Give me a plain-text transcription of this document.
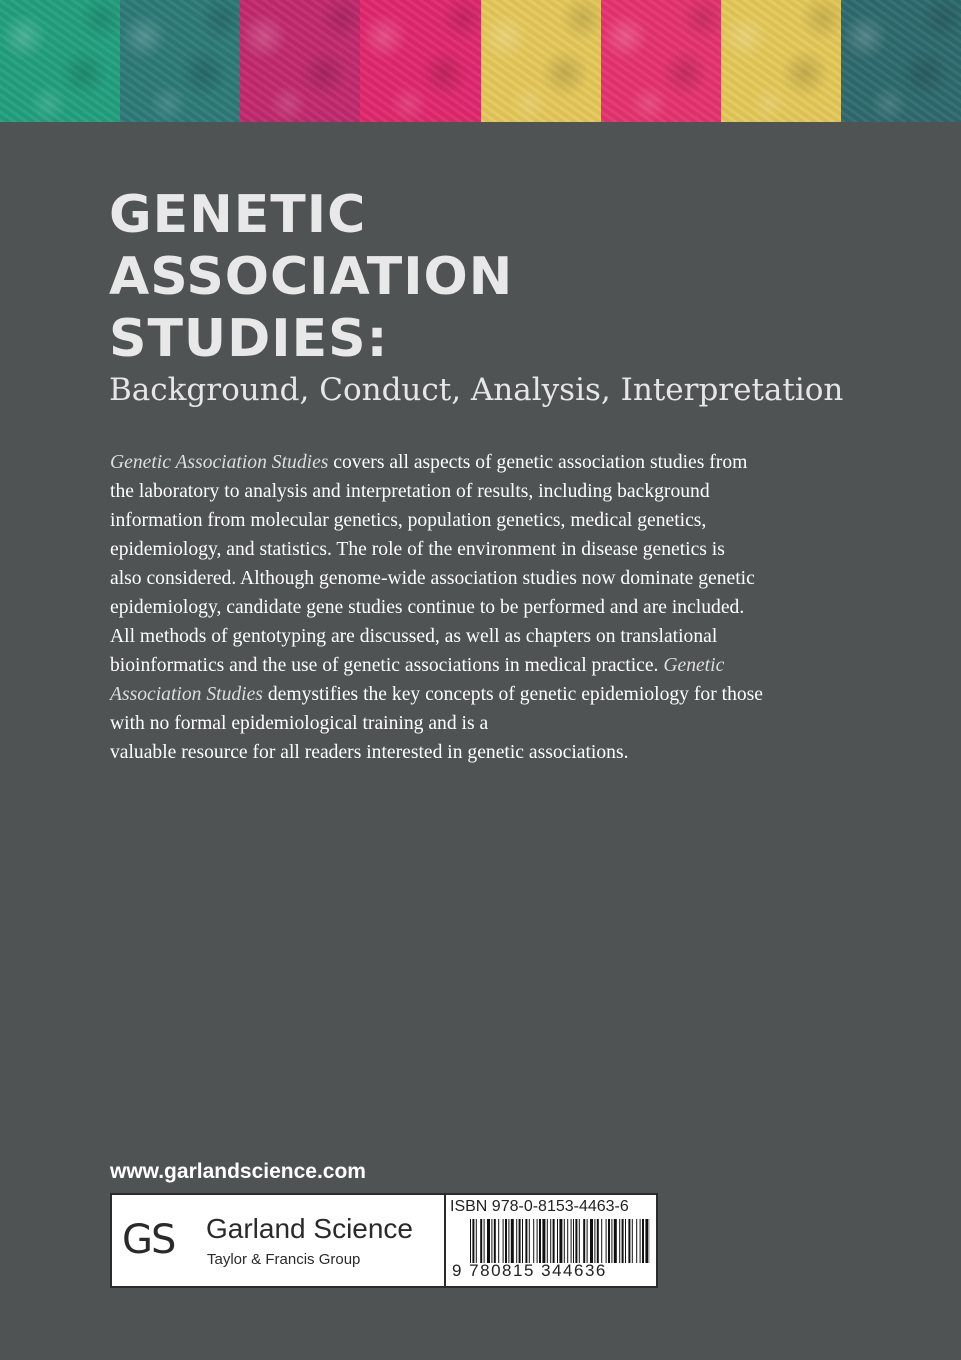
GENETIC
ASSOCIATION
STUDIES:
Background, Conduct, Analysis, Interpretation
Genetic Association Studies covers all aspects of genetic association studies from
the laboratory to analysis and interpretation of results, including background
information from molecular genetics, population genetics, medical genetics,
epidemiology, and statistics. The role of the environment in disease genetics is
also considered. Although genome-wide association studies now dominate genetic
epidemiology, candidate gene studies continue to be performed and are included.
All methods of gentotyping are discussed, as well as chapters on translational
bioinformatics and the use of genetic associations in medical practice. Genetic
Association Studies demystifies the key concepts of genetic epidemiology for those
with no formal epidemiological training and is a
valuable resource for all readers interested in genetic associations.

www.garlandscience.com

GS Garland Science
Taylor & Francis Group
ISBN 978-0-8153-4463-6
9 780815 344636
